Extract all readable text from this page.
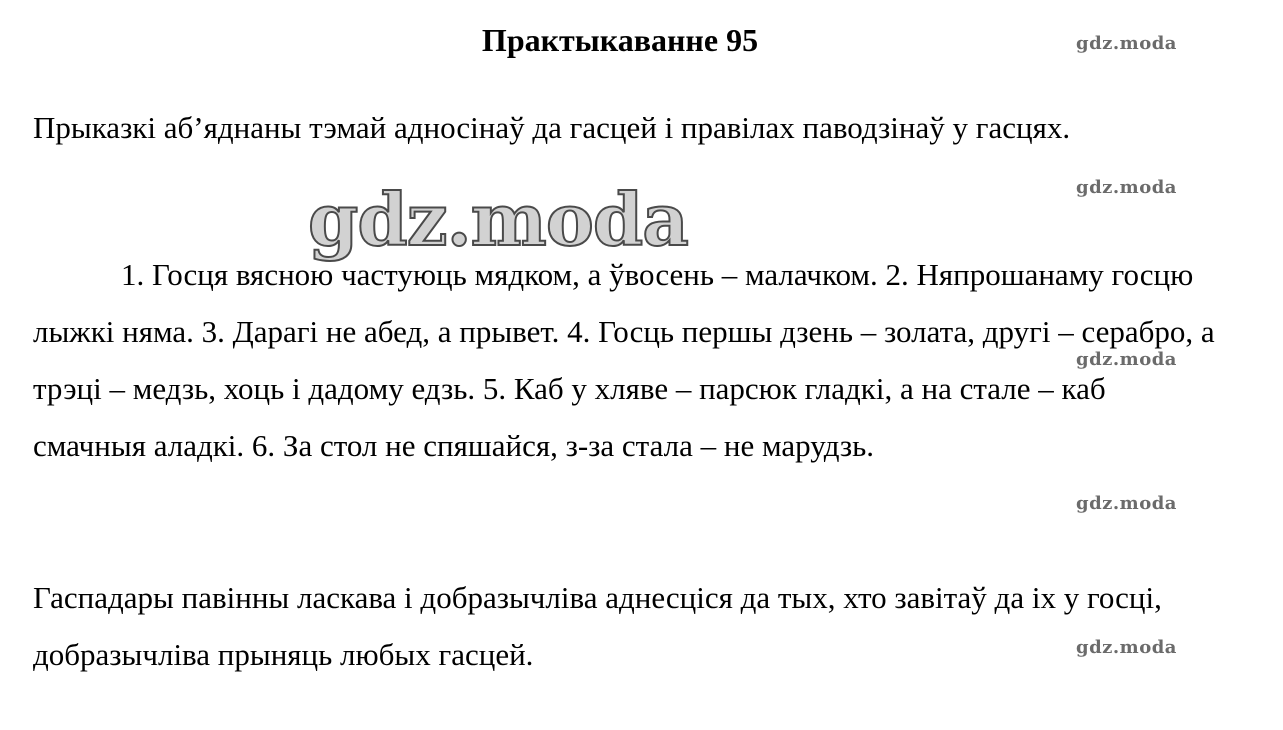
Практыкаванне 95

Прыказкі аб’яднаны тэмай адносінаў да гасцей і правілах паводзінаў у гасцях.

1. Госця вясною частуюць мядком, а ўвосень – малачком. 2. Няпрошанаму госцю лыжкі няма. 3. Дарагі не абед, а прывет. 4. Госць першы дзень – золата, другі – серабро, а трэці – медзь, хоць і дадому едзь. 5. Каб у хляве – парсюк гладкі, а на стале – каб смачныя аладкі. 6. За стол не спяшайся, з-за стала – не марудзь.

Гаспадары павінны ласкава і добразычліва аднесціся да тых, хто завітаў да іх у госці, добразычліва прыняць любых гасцей.

gdz.moda
gdz.moda
gdz.moda
gdz.moda
gdz.moda
gdz.moda
